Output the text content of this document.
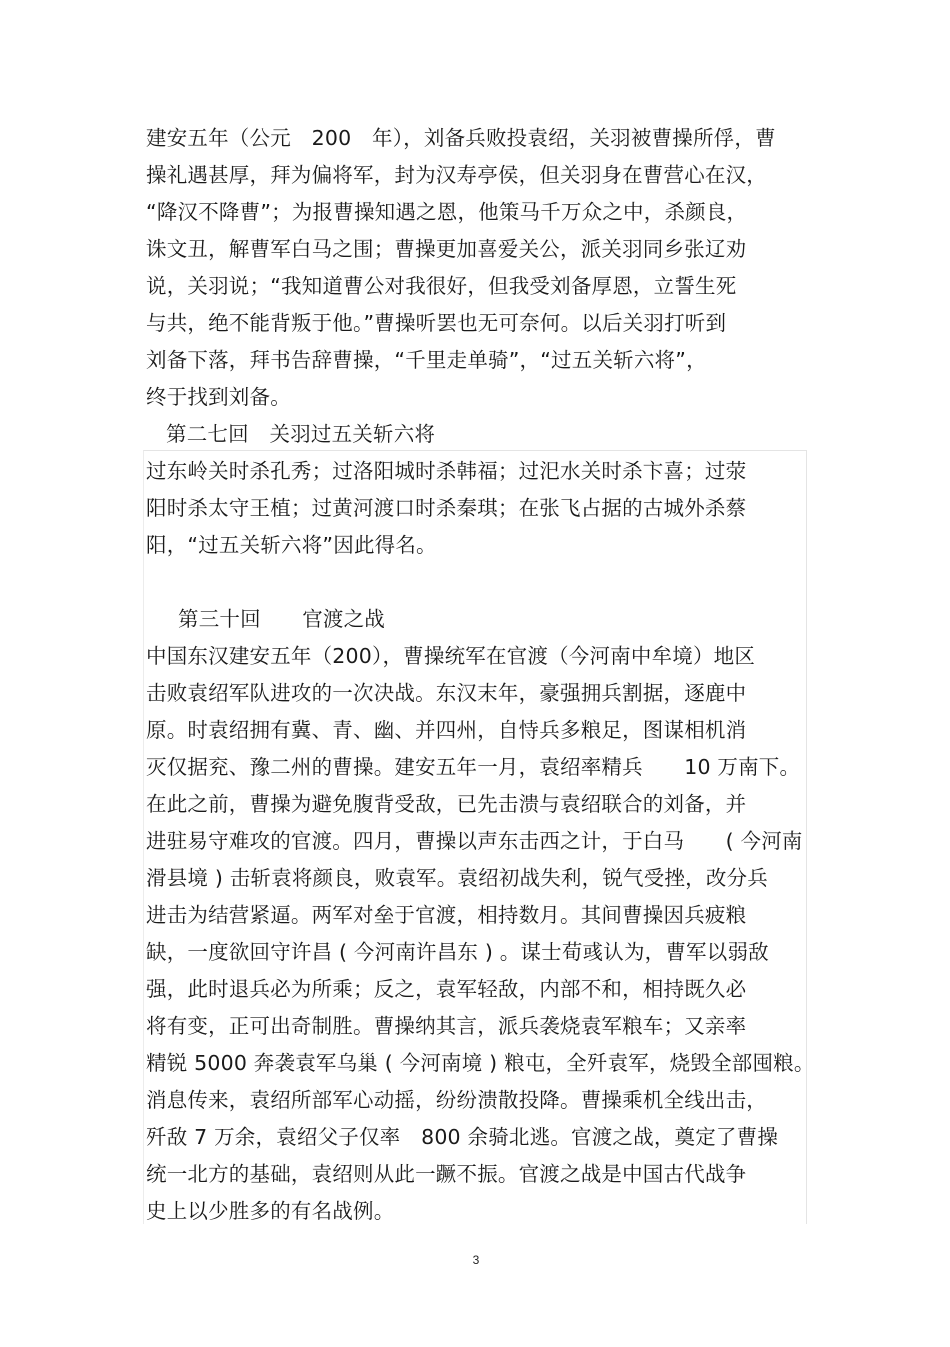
建安五年（公元　200　年），刘备兵败投袁绍，关羽被曹操所俘，曹
操礼遇甚厚，拜为偏将军，封为汉寿亭侯，但关羽身在曹营心在汉，
“降汉不降曹”；为报曹操知遇之恩，他策马千万众之中，杀颜良，
诛文丑，解曹军白马之围；曹操更加喜爱关公，派关羽同乡张辽劝
说，关羽说；“我知道曹公对我很好，但我受刘备厚恩，立誓生死
与共，绝不能背叛于他。”曹操听罢也无可奈何。以后关羽打听到
刘备下落，拜书告辞曹操，“千里走单骑”，“过五关斩六将”，
终于找到刘备。
第二七回　关羽过五关斩六将
过东岭关时杀孔秀；过洛阳城时杀韩福；过汜水关时杀卞喜；过荥
阳时杀太守王植；过黄河渡口时杀秦琪；在张飞占据的古城外杀蔡
阳，“过五关斩六将”因此得名。
第三十回　　官渡之战
中国东汉建安五年（200），曹操统军在官渡（今河南中牟境）地区
击败袁绍军队进攻的一次决战。东汉末年，豪强拥兵割据，逐鹿中
原。时袁绍拥有冀、青、幽、并四州，自恃兵多粮足，图谋相机消
灭仅据兖、豫二州的曹操。建安五年一月，袁绍率精兵　　10 万南下。
在此之前，曹操为避免腹背受敌，已先击溃与袁绍联合的刘备，并
进驻易守难攻的官渡。四月，曹操以声东击西之计，于白马　　( 今河南
滑县境 ) 击斩袁将颜良，败袁军。袁绍初战失利，锐气受挫，改分兵
进击为结营紧逼。两军对垒于官渡，相持数月。其间曹操因兵疲粮
缺，一度欲回守许昌 ( 今河南许昌东 ) 。谋士荀彧认为，曹军以弱敌
强，此时退兵必为所乘；反之，袁军轻敌，内部不和，相持既久必
将有变，正可出奇制胜。曹操纳其言，派兵袭烧袁军粮车；又亲率
精锐 5000 奔袭袁军乌巢 ( 今河南境 ) 粮屯，全歼袁军，烧毁全部囤粮。
消息传来，袁绍所部军心动摇，纷纷溃散投降。曹操乘机全线出击，
歼敌 7 万余，袁绍父子仅率　800 余骑北逃。官渡之战，奠定了曹操
统一北方的基础，袁绍则从此一蹶不振。官渡之战是中国古代战争
史上以少胜多的有名战例。
3
